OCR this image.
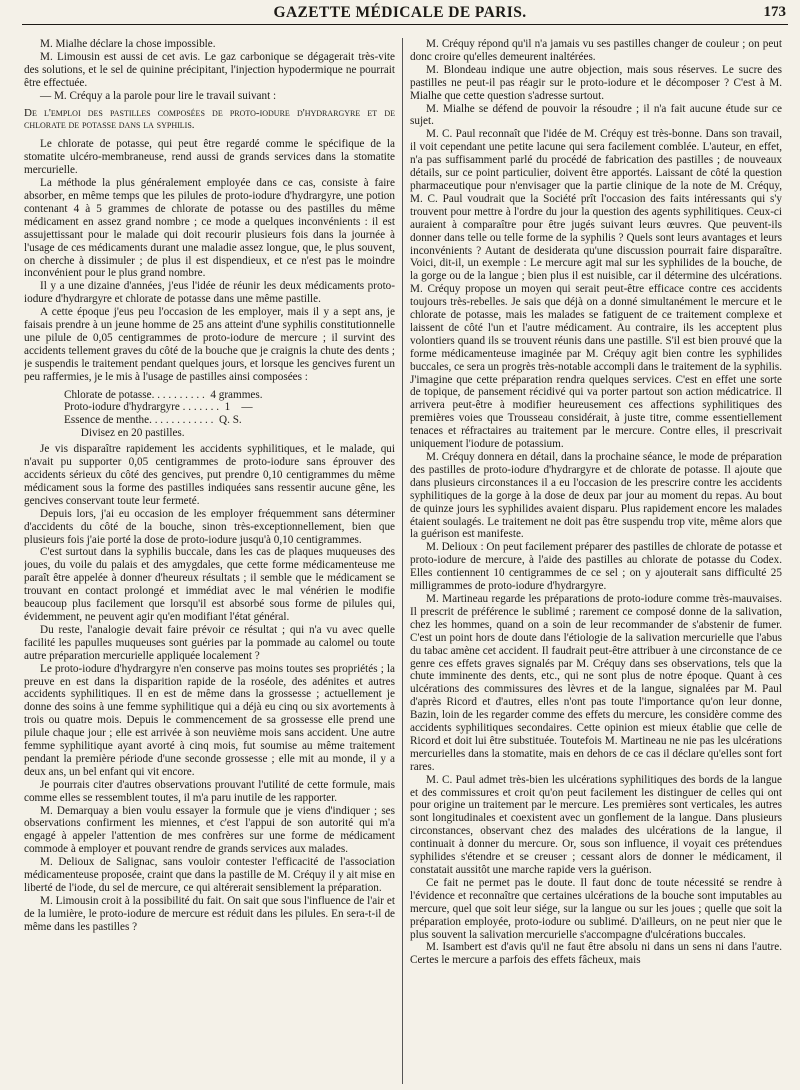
GAZETTE MÉDICALE DE PARIS.	173

M. Mialhe déclare la chose impossible.

M. Limousin est aussi de cet avis. Le gaz carbonique se dégagerait très-vite des solutions, et le sel de quinine précipitant, l'injection hypodermique ne pourrait être effectuée.

— M. Créquy a la parole pour lire le travail suivant :

De l'emploi des pastilles composées de proto-iodure d'hydrargyre et de chlorate de potasse dans la syphilis.

Le chlorate de potasse, qui peut être regardé comme le spécifique de la stomatite ulcéro-membraneuse, rend aussi de grands services dans la stomatite mercurielle.

La méthode la plus généralement employée dans ce cas, consiste à faire absorber, en même temps que les pilules de proto-iodure d'hydrargyre, une potion contenant 4 à 5 grammes de chlorate de potasse ou des pastilles du même médicament en assez grand nombre ; ce mode a quelques inconvénients : il est assujettissant pour le malade qui doit recourir plusieurs fois dans la journée à l'usage de ces médicaments durant une maladie assez longue, que, le plus souvent, on cherche à dissimuler ; de plus il est dispendieux, et ce n'est pas le moindre inconvénient pour le plus grand nombre.

Il y a une dizaine d'années, j'eus l'idée de réunir les deux médicaments proto-iodure d'hydrargyre et chlorate de potasse dans une même pastille.

A cette époque j'eus peu l'occasion de les employer, mais il y a sept ans, je faisais prendre à un jeune homme de 25 ans atteint d'une syphilis constitutionnelle une pilule de 0,05 centigrammes de proto-iodure de mercure ; il survint des accidents tellement graves du côté de la bouche que je craignis la chute des dents ; je suspendis le traitement pendant quelques jours, et lorsque les gencives furent un peu raffermies, je le mis à l'usage de pastilles ainsi composées :

Chlorate de potasse. . . . . . . . . .  4 grammes.
Proto-iodure d'hydrargyre . . . . . . .  1    —
Essence de menthe. . . . . . . . . . . .  Q. S.
Divisez en 20 pastilles.

Je vis disparaître rapidement les accidents syphilitiques, et le malade, qui n'avait pu supporter 0,05 centigrammes de proto-iodure sans éprouver des accidents sérieux du côté des gencives, put prendre 0,10 centigrammes du même médicament sous la forme des pastilles indiquées sans ressentir aucune gêne, les gencives conservant toute leur fermeté.

Depuis lors, j'ai eu occasion de les employer fréquemment sans déterminer d'accidents du côté de la bouche, sinon très-exceptionnellement, bien que plusieurs fois j'aie porté la dose de proto-iodure jusqu'à 0,10 centigrammes.

C'est surtout dans la syphilis buccale, dans les cas de plaques muqueuses des joues, du voile du palais et des amygdales, que cette forme médicamenteuse me paraît être appelée à donner d'heureux résultats ; il semble que le médicament se trouvant en contact prolongé et immédiat avec le mal vénérien le modifie beaucoup plus facilement que lorsqu'il est absorbé sous forme de pilules qui, évidemment, ne peuvent agir qu'en modifiant l'état général.

Du reste, l'analogie devait faire prévoir ce résultat ; qui n'a vu avec quelle facilité les papulles muqueuses sont guéries par la pommade au calomel ou toute autre préparation mercurielle appliquée localement ?

Le proto-iodure d'hydrargyre n'en conserve pas moins toutes ses propriétés ; la preuve en est dans la disparition rapide de la roséole, des adénites et autres accidents syphilitiques. Il en est de même dans la grossesse ; actuellement je donne des soins à une femme syphilitique qui a déjà eu cinq ou six avortements à trois ou quatre mois. Depuis le commencement de sa grossesse elle prend une pilule chaque jour ; elle est arrivée à son neuvième mois sans accident. Une autre femme syphilitique ayant avorté à cinq mois, fut soumise au même traitement pendant la première période d'une seconde grossesse ; elle mit au monde, il y a deux ans, un bel enfant qui vit encore.

Je pourrais citer d'autres observations prouvant l'utilité de cette formule, mais comme elles se ressemblent toutes, il m'a paru inutile de les rapporter.

M. Demarquay a bien voulu essayer la formule que je viens d'indiquer ; ses observations confirment les miennes, et c'est l'appui de son autorité qui m'a engagé à appeler l'attention de mes confrères sur une forme de médicament commode à employer et pouvant rendre de grands services aux malades.

M. Delioux de Salignac, sans vouloir contester l'efficacité de l'association médicamenteuse proposée, craint que dans la pastille de M. Créquy il y ait mise en liberté de l'iode, du sel de mercure, ce qui altérerait sensiblement la préparation.

M. Limousin croit à la possibilité du fait. On sait que sous l'influence de l'air et de la lumière, le proto-iodure de mercure est réduit dans les pilules. En sera-t-il de même dans les pastilles ?

M. Créquy répond qu'il n'a jamais vu ses pastilles changer de couleur ; on peut donc croire qu'elles demeurent inaltérées.

M. Blondeau indique une autre objection, mais sous réserves. Le sucre des pastilles ne peut-il pas réagir sur le proto-iodure et le décomposer ? C'est à M. Mialhe que cette question s'adresse surtout.

M. Mialhe se défend de pouvoir la résoudre ; il n'a fait aucune étude sur ce sujet.

M. C. Paul reconnaît que l'idée de M. Créquy est très-bonne. Dans son travail, il voit cependant une petite lacune qui sera facilement comblée. L'auteur, en effet, n'a pas suffisamment parlé du procédé de fabrication des pastilles ; de nouveaux détails, sur ce point particulier, doivent être apportés. Laissant de côté la question pharmaceutique pour n'envisager que la partie clinique de la note de M. Créquy, M. C. Paul voudrait que la Société prît l'occasion des faits intéressants qui s'y trouvent pour mettre à l'ordre du jour la question des agents syphilitiques. Ceux-ci auraient à comparaître pour être jugés suivant leurs œuvres. Que peuvent-ils donner dans telle ou telle forme de la syphilis ? Quels sont leurs avantages et leurs inconvénients ? Autant de desiderata qu'une discussion pourrait faire disparaître. Voici, dit-il, un exemple : Le mercure agit mal sur les syphilides de la bouche, de la gorge ou de la langue ; bien plus il est nuisible, car il détermine des ulcérations. M. Créquy propose un moyen qui serait peut-être efficace contre ces accidents toujours très-rebelles. Je sais que déjà on a donné simultanément le mercure et le chlorate de potasse, mais les malades se fatiguent de ce traitement complexe et laissent de côté l'un et l'autre médicament. Au contraire, ils les acceptent plus volontiers quand ils se trouvent réunis dans une pastille. S'il est bien prouvé que la forme médicamenteuse imaginée par M. Créquy agit bien contre les syphilides buccales, ce sera un progrès très-notable accompli dans le traitement de la syphilis. J'imagine que cette préparation rendra quelques services. C'est en effet une sorte de topique, de pansement récidivé qui va porter partout son action médicatrice. Il arrivera peut-être à modifier heureusement ces affections syphilitiques des premières voies que Trousseau considérait, à juste titre, comme essentiellement tenaces et réfractaires au traitement par le mercure. Contre elles, il prescrivait uniquement l'iodure de potassium.

M. Créquy donnera en détail, dans la prochaine séance, le mode de préparation des pastilles de proto-iodure d'hydrargyre et de chlorate de potasse. Il ajoute que dans plusieurs circonstances il a eu l'occasion de les prescrire contre les accidents syphilitiques de la gorge à la dose de deux par jour au moment du repas. Au bout de quinze jours les syphilides avaient disparu. Plus rapidement encore les malades étaient soulagés. Le traitement ne doit pas être suspendu trop vite, même alors que la guérison est manifeste.

M. Delioux : On peut facilement préparer des pastilles de chlorate de potasse et proto-iodure de mercure, à l'aide des pastilles au chlorate de potasse du Codex. Elles contiennent 10 centigrammes de ce sel ; on y ajouterait sans difficulté 25 milligrammes de proto-iodure d'hydrargyre.

M. Martineau regarde les préparations de proto-iodure comme très-mauvaises. Il prescrit de préférence le sublimé ; rarement ce composé donne de la salivation, chez les hommes, quand on a soin de leur recommander de s'abstenir de fumer. C'est un point hors de doute dans l'étiologie de la salivation mercurielle que l'abus du tabac amène cet accident. Il faudrait peut-être attribuer à une circonstance de ce genre ces effets graves signalés par M. Créquy dans ses observations, tels que la chute imminente des dents, etc., qui ne sont plus de notre époque. Quant à ces ulcérations des commissures des lèvres et de la langue, signalées par M. Paul d'après Ricord et d'autres, elles n'ont pas toute l'importance qu'on leur donne, Bazin, loin de les regarder comme des effets du mercure, les considère comme des accidents syphilitiques secondaires. Cette opinion est mieux établie que celle de Ricord et doit lui être substituée. Toutefois M. Martineau ne nie pas les ulcérations mercurielles dans la stomatite, mais en dehors de ce cas il déclare qu'elles sont fort rares.

M. C. Paul admet très-bien les ulcérations syphilitiques des bords de la langue et des commissures et croit qu'on peut facilement les distinguer de celles qui ont pour origine un traitement par le mercure. Les premières sont verticales, les autres sont longitudinales et coexistent avec un gonflement de la langue. Dans plusieurs circonstances, observant chez des malades des ulcérations de la langue, il continuait à donner du mercure. Or, sous son influence, il voyait ces prétendues syphilides s'étendre et se creuser ; cessant alors de donner le médicament, il constatait aussitôt une marche rapide vers la guérison.

Ce fait ne permet pas le doute. Il faut donc de toute nécessité se rendre à l'évidence et reconnaître que certaines ulcérations de la bouche sont imputables au mercure, quel que soit leur siége, sur la langue ou sur les joues ; quelle que soit la préparation employée, proto-iodure ou sublimé. D'ailleurs, on ne peut nier que le plus souvent la salivation mercurielle s'accompagne d'ulcérations buccales.

M. Isambert est d'avis qu'il ne faut être absolu ni dans un sens ni dans l'autre. Certes le mercure a parfois des effets fâcheux, mais
